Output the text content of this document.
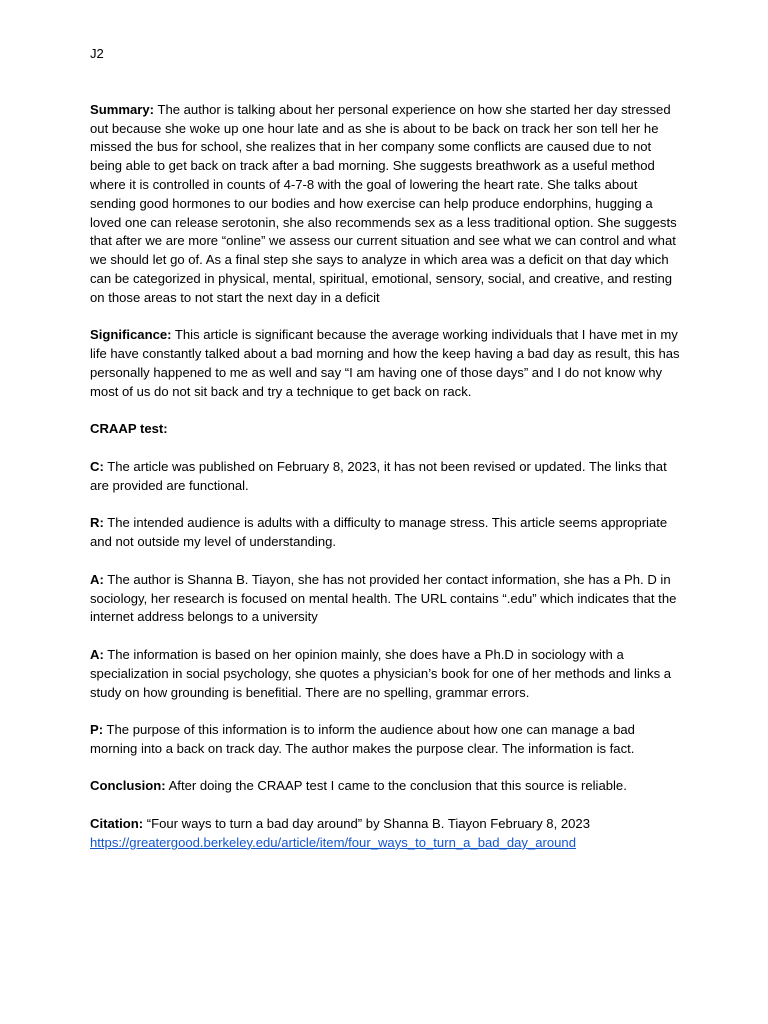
J2

Summary: The author is talking about her personal experience on how she started her day stressed out because she woke up one hour late and as she is about to be back on track her son tell her he missed the bus for school, she realizes that in her company some conflicts are caused due to not being able to get back on track after a bad morning. She suggests breathwork as a useful method where it is controlled in counts of 4-7-8 with the goal of lowering the heart rate. She talks about sending good hormones to our bodies and how exercise can help produce endorphins, hugging a loved one can release serotonin, she also recommends sex as a less traditional option. She suggests that after we are more “online” we assess our current situation and see what we can control and what we should let go of. As a final step she says to analyze in which area was a deficit on that day which can be categorized in physical, mental, spiritual, emotional, sensory, social, and creative, and resting on those areas to not start the next day in a deficit

Significance: This article is significant because the average working individuals that I have met in my life have constantly talked about a bad morning and how the keep having a bad day as result, this has personally happened to me as well and say “I am having one of those days” and I do not know why most of us do not sit back and try a technique to get back on rack.

CRAAP test:

C: The article was published on February 8, 2023, it has not been revised or updated. The links that are provided are functional.

R: The intended audience is adults with a difficulty to manage stress. This article seems appropriate and not outside my level of understanding.

A: The author is Shanna B. Tiayon, she has not provided her contact information, she has a Ph. D in sociology, her research is focused on mental health. The URL contains “.edu” which indicates that the internet address belongs to a university

A: The information is based on her opinion mainly, she does have a Ph.D in sociology with a specialization in social psychology, she quotes a physician’s book for one of her methods and links a study on how grounding is benefitial. There are no spelling, grammar errors.

P: The purpose of this information is to inform the audience about how one can manage a bad morning into a back on track day. The author makes the purpose clear. The information is fact.

Conclusion: After doing the CRAAP test I came to the conclusion that this source is reliable.

Citation: “Four ways to turn a bad day around” by Shanna B. Tiayon February 8, 2023
https://greatergood.berkeley.edu/article/item/four_ways_to_turn_a_bad_day_around
